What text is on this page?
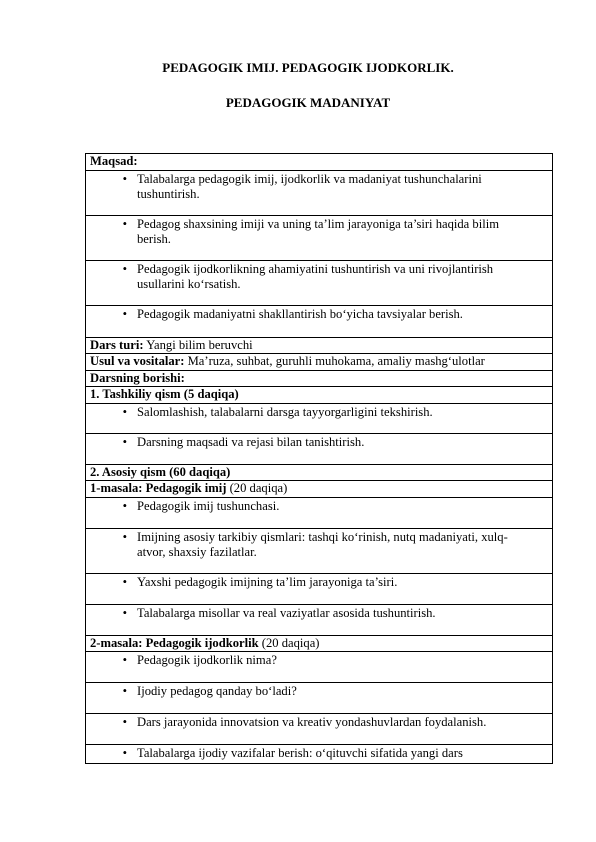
PEDAGOGIK IMIJ. PEDAGOGIK IJODKORLIK.
PEDAGOGIK MADANIYAT
Maqsad:

• Talabalarga pedagogik imij, ijodkorlik va madaniyat tushunchalarini tushuntirish.

• Pedagog shaxsining imiji va uning ta’lim jarayoniga ta’siri haqida bilim berish.

• Pedagogik ijodkorlikning ahamiyatini tushuntirish va uni rivojlantirish usullarini ko‘rsatish.

• Pedagogik madaniyatni shakllantirish bo‘yicha tavsiyalar berish.

Dars turi: Yangi bilim beruvchi
Usul va vositalar: Ma’ruza, suhbat, guruhli muhokama, amaliy mashg‘ulotlar
Darsning borishi:
1. Tashkiliy qism (5 daqiqa)

• Salomlashish, talabalarni darsga tayyorgarligini tekshirish.

• Darsning maqsadi va rejasi bilan tanishtirish.

2. Asosiy qism (60 daqiqa)
1-masala: Pedagogik imij (20 daqiqa)

• Pedagogik imij tushunchasi.

• Imijning asosiy tarkibiy qismlari: tashqi ko‘rinish, nutq madaniyati, xulq-atvor, shaxsiy fazilatlar.

• Yaxshi pedagogik imijning ta’lim jarayoniga ta’siri.

• Talabalarga misollar va real vaziyatlar asosida tushuntirish.

2-masala: Pedagogik ijodkorlik (20 daqiqa)

• Pedagogik ijodkorlik nima?

• Ijodiy pedagog qanday bo‘ladi?

• Dars jarayonida innovatsion va kreativ yondashuvlardan foydalanish.

• Talabalarga ijodiy vazifalar berish: o‘qituvchi sifatida yangi dars
